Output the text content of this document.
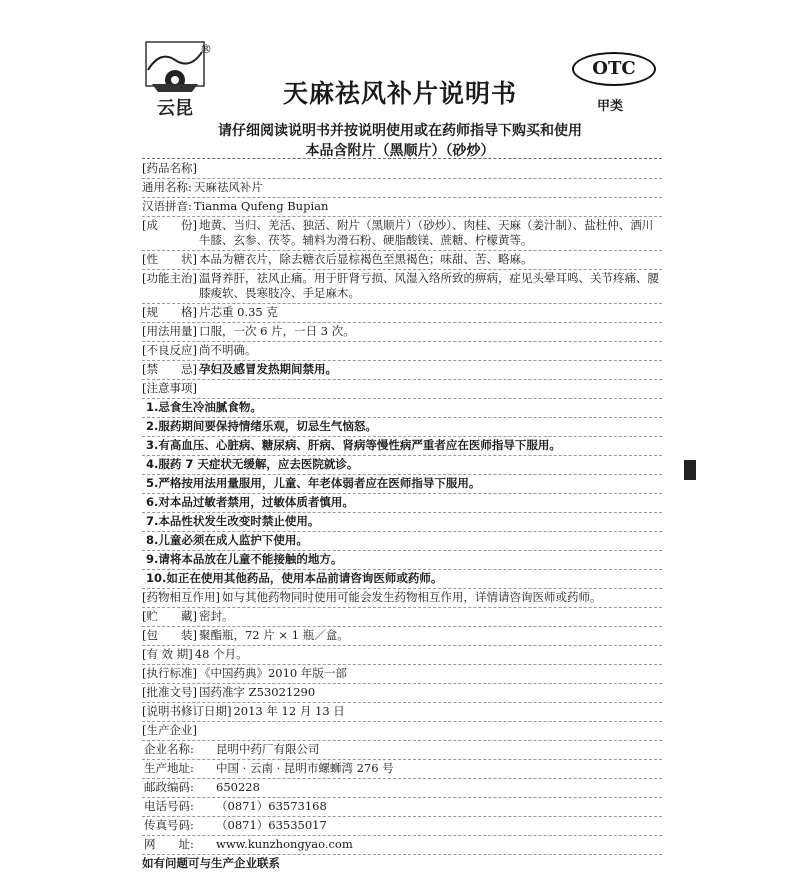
云昆
®
天麻祛风补片说明书
OTC
甲类
请仔细阅读说明书并按说明使用或在药师指导下购买和使用
本品含附片（黑顺片）（砂炒）
[药品名称]
通用名称: 天麻祛风补片
汉语拼音: Tianma Qufeng Bupian
[成　　份] 地黄、当归、羌活、独活、附片（黑顺片）（砂炒）、肉桂、天麻（姜汁制）、盐杜仲、酒川牛膝、玄参、茯苓。辅料为滑石粉、硬脂酸镁、蔗糖、柠檬黄等。
[性　　状] 本品为糖衣片，除去糖衣后显棕褐色至黑褐色；味甜、苦、略麻。
[功能主治] 温肾养肝，祛风止痛。用于肝肾亏损、风湿入络所致的痹病，症见头晕耳鸣、关节疼痛、腰膝痠软、畏寒肢冷、手足麻木。
[规　　格] 片芯重 0.35 克
[用法用量] 口服，一次 6 片，一日 3 次。
[不良反应] 尚不明确。
[禁　　忌] 孕妇及感冒发热期间禁用。
[注意事项]
1.忌食生冷油腻食物。
2.服药期间要保持情绪乐观，切忌生气恼怒。
3.有高血压、心脏病、糖尿病、肝病、肾病等慢性病严重者应在医师指导下服用。
4.服药 7 天症状无缓解，应去医院就诊。
5.严格按用法用量服用，儿童、年老体弱者应在医师指导下服用。
6.对本品过敏者禁用，过敏体质者慎用。
7.本品性状发生改变时禁止使用。
8.儿童必须在成人监护下使用。
9.请将本品放在儿童不能接触的地方。
10.如正在使用其他药品，使用本品前请咨询医师或药师。
[药物相互作用] 如与其他药物同时使用可能会发生药物相互作用，详情请咨询医师或药师。
[贮　　藏] 密封。
[包　　装] 聚酯瓶，72 片 × 1 瓶／盒。
[有 效 期] 48 个月。
[执行标准] 《中国药典》2010 年版一部
[批准文号] 国药准字 Z53021290
[说明书修订日期] 2013 年 12 月 13 日
[生产企业]
企业名称:	昆明中药厂有限公司
生产地址:	中国 · 云南 · 昆明市螺蛳湾 276 号
邮政编码:	650228
电话号码:	（0871）63573168
传真号码:	（0871）63535017
网　　址:	www.kunzhongyao.com
如有问题可与生产企业联系
